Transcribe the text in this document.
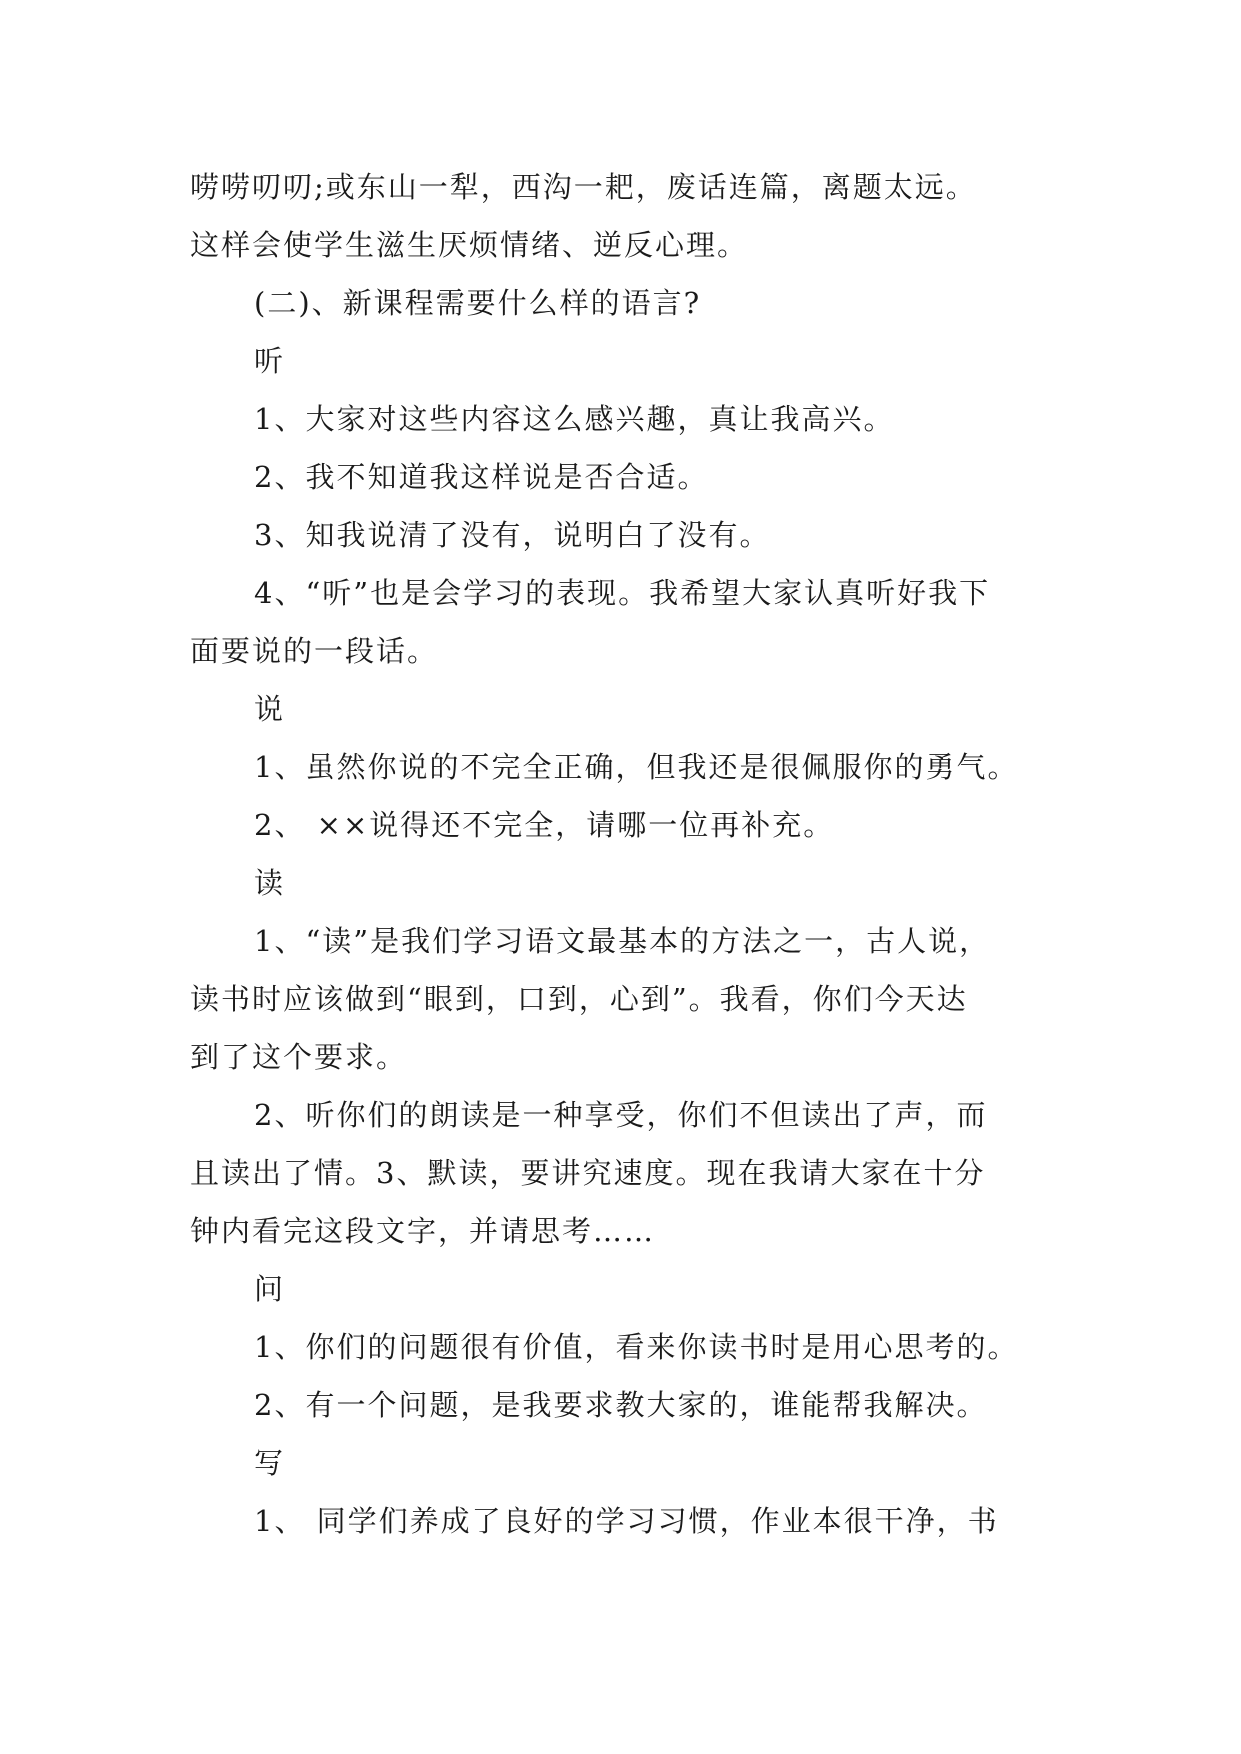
唠唠叨叨;或东山一犁，西沟一耙，废话连篇，离题太远。
这样会使学生滋生厌烦情绪、逆反心理。
(二)、新课程需要什么样的语言?
听
1、大家对这些内容这么感兴趣，真让我高兴。
2、我不知道我这样说是否合适。
3、知我说清了没有，说明白了没有。
4、“听”也是会学习的表现。我希望大家认真听好我下
面要说的一段话。
说
1、虽然你说的不完全正确，但我还是很佩服你的勇气。
2、 ××说得还不完全，请哪一位再补充。
读
1、“读”是我们学习语文最基本的方法之一，古人说，
读书时应该做到“眼到，口到，心到”。我看，你们今天达
到了这个要求。
2、听你们的朗读是一种享受，你们不但读出了声，而
且读出了情。3、默读，要讲究速度。现在我请大家在十分
钟内看完这段文字，并请思考……
问
1、你们的问题很有价值，看来你读书时是用心思考的。
2、有一个问题，是我要求教大家的，谁能帮我解决。
写
1、 同学们养成了良好的学习习惯，作业本很干净，书
